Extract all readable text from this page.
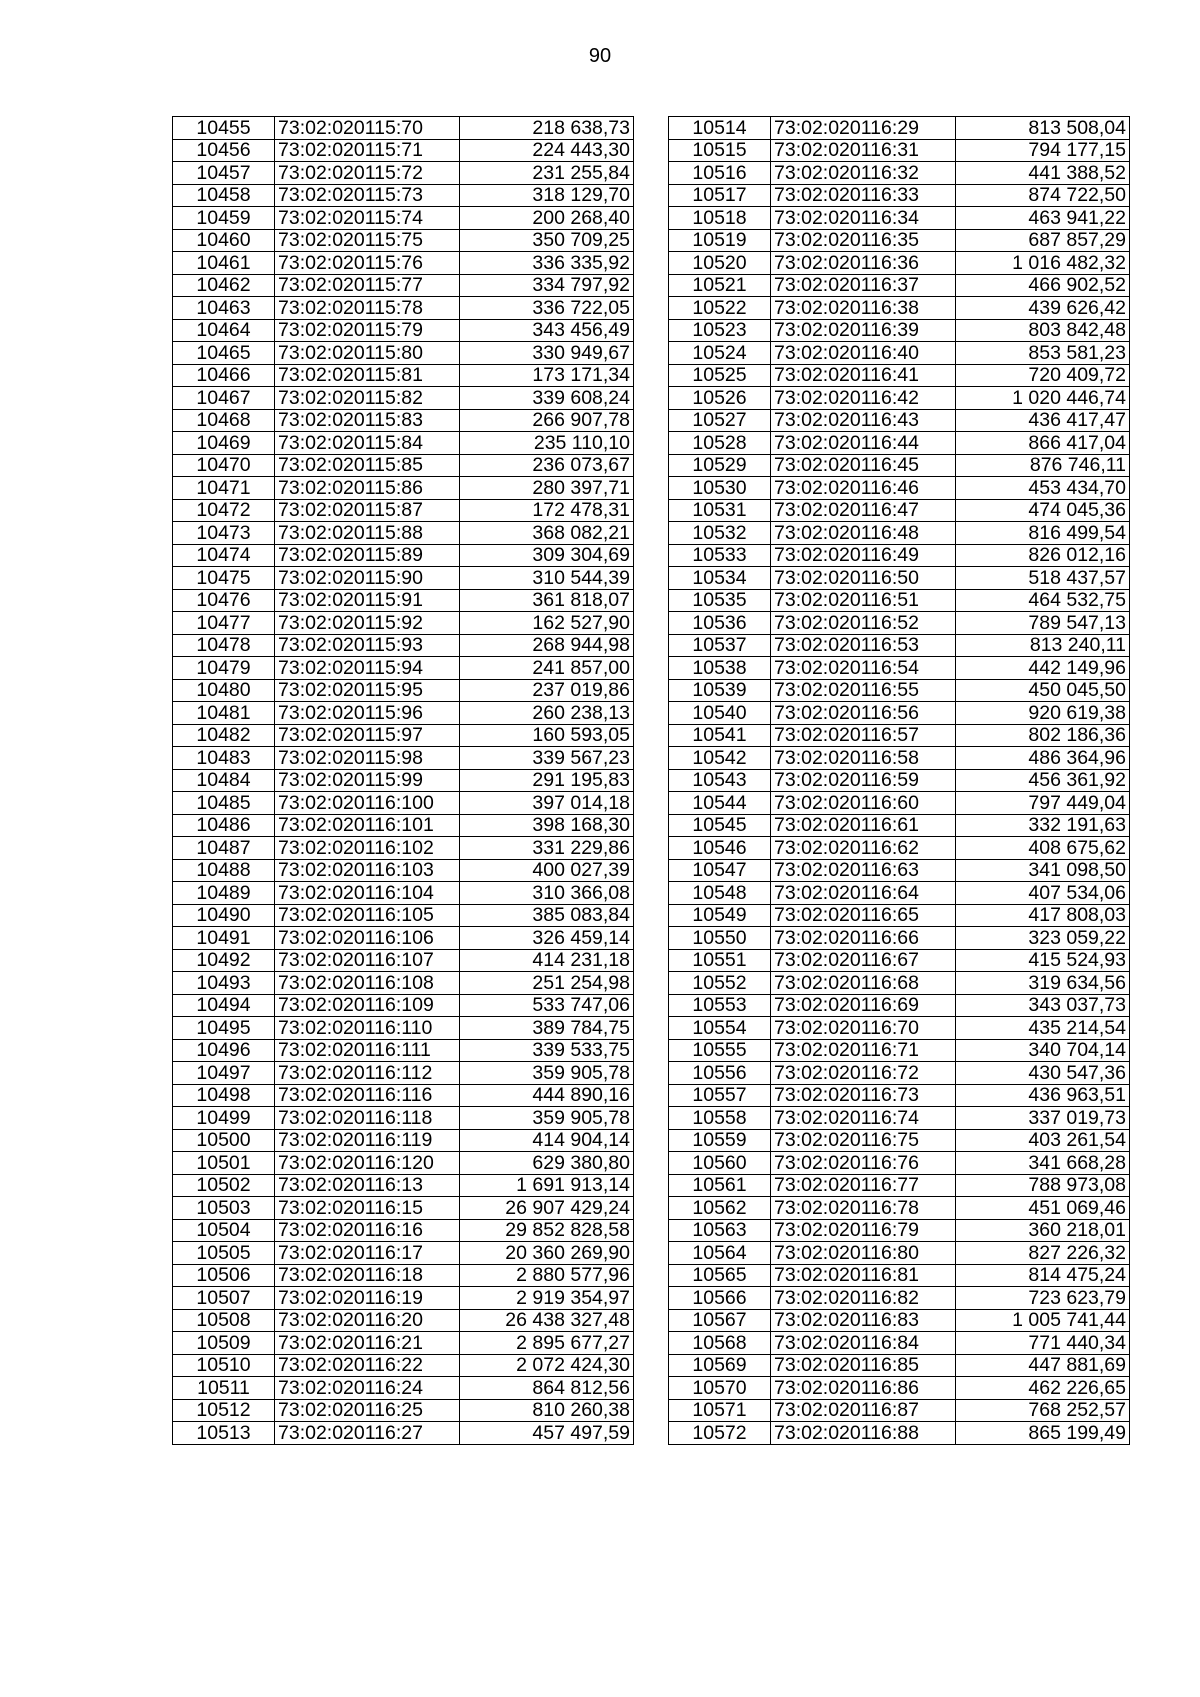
90
10455	73:02:020115:70	218 638,73
10456	73:02:020115:71	224 443,30
10457	73:02:020115:72	231 255,84
10458	73:02:020115:73	318 129,70
10459	73:02:020115:74	200 268,40
10460	73:02:020115:75	350 709,25
10461	73:02:020115:76	336 335,92
10462	73:02:020115:77	334 797,92
10463	73:02:020115:78	336 722,05
10464	73:02:020115:79	343 456,49
10465	73:02:020115:80	330 949,67
10466	73:02:020115:81	173 171,34
10467	73:02:020115:82	339 608,24
10468	73:02:020115:83	266 907,78
10469	73:02:020115:84	235 110,10
10470	73:02:020115:85	236 073,67
10471	73:02:020115:86	280 397,71
10472	73:02:020115:87	172 478,31
10473	73:02:020115:88	368 082,21
10474	73:02:020115:89	309 304,69
10475	73:02:020115:90	310 544,39
10476	73:02:020115:91	361 818,07
10477	73:02:020115:92	162 527,90
10478	73:02:020115:93	268 944,98
10479	73:02:020115:94	241 857,00
10480	73:02:020115:95	237 019,86
10481	73:02:020115:96	260 238,13
10482	73:02:020115:97	160 593,05
10483	73:02:020115:98	339 567,23
10484	73:02:020115:99	291 195,83
10485	73:02:020116:100	397 014,18
10486	73:02:020116:101	398 168,30
10487	73:02:020116:102	331 229,86
10488	73:02:020116:103	400 027,39
10489	73:02:020116:104	310 366,08
10490	73:02:020116:105	385 083,84
10491	73:02:020116:106	326 459,14
10492	73:02:020116:107	414 231,18
10493	73:02:020116:108	251 254,98
10494	73:02:020116:109	533 747,06
10495	73:02:020116:110	389 784,75
10496	73:02:020116:111	339 533,75
10497	73:02:020116:112	359 905,78
10498	73:02:020116:116	444 890,16
10499	73:02:020116:118	359 905,78
10500	73:02:020116:119	414 904,14
10501	73:02:020116:120	629 380,80
10502	73:02:020116:13	1 691 913,14
10503	73:02:020116:15	26 907 429,24
10504	73:02:020116:16	29 852 828,58
10505	73:02:020116:17	20 360 269,90
10506	73:02:020116:18	2 880 577,96
10507	73:02:020116:19	2 919 354,97
10508	73:02:020116:20	26 438 327,48
10509	73:02:020116:21	2 895 677,27
10510	73:02:020116:22	2 072 424,30
10511	73:02:020116:24	864 812,56
10512	73:02:020116:25	810 260,38
10513	73:02:020116:27	457 497,59
10514	73:02:020116:29	813 508,04
10515	73:02:020116:31	794 177,15
10516	73:02:020116:32	441 388,52
10517	73:02:020116:33	874 722,50
10518	73:02:020116:34	463 941,22
10519	73:02:020116:35	687 857,29
10520	73:02:020116:36	1 016 482,32
10521	73:02:020116:37	466 902,52
10522	73:02:020116:38	439 626,42
10523	73:02:020116:39	803 842,48
10524	73:02:020116:40	853 581,23
10525	73:02:020116:41	720 409,72
10526	73:02:020116:42	1 020 446,74
10527	73:02:020116:43	436 417,47
10528	73:02:020116:44	866 417,04
10529	73:02:020116:45	876 746,11
10530	73:02:020116:46	453 434,70
10531	73:02:020116:47	474 045,36
10532	73:02:020116:48	816 499,54
10533	73:02:020116:49	826 012,16
10534	73:02:020116:50	518 437,57
10535	73:02:020116:51	464 532,75
10536	73:02:020116:52	789 547,13
10537	73:02:020116:53	813 240,11
10538	73:02:020116:54	442 149,96
10539	73:02:020116:55	450 045,50
10540	73:02:020116:56	920 619,38
10541	73:02:020116:57	802 186,36
10542	73:02:020116:58	486 364,96
10543	73:02:020116:59	456 361,92
10544	73:02:020116:60	797 449,04
10545	73:02:020116:61	332 191,63
10546	73:02:020116:62	408 675,62
10547	73:02:020116:63	341 098,50
10548	73:02:020116:64	407 534,06
10549	73:02:020116:65	417 808,03
10550	73:02:020116:66	323 059,22
10551	73:02:020116:67	415 524,93
10552	73:02:020116:68	319 634,56
10553	73:02:020116:69	343 037,73
10554	73:02:020116:70	435 214,54
10555	73:02:020116:71	340 704,14
10556	73:02:020116:72	430 547,36
10557	73:02:020116:73	436 963,51
10558	73:02:020116:74	337 019,73
10559	73:02:020116:75	403 261,54
10560	73:02:020116:76	341 668,28
10561	73:02:020116:77	788 973,08
10562	73:02:020116:78	451 069,46
10563	73:02:020116:79	360 218,01
10564	73:02:020116:80	827 226,32
10565	73:02:020116:81	814 475,24
10566	73:02:020116:82	723 623,79
10567	73:02:020116:83	1 005 741,44
10568	73:02:020116:84	771 440,34
10569	73:02:020116:85	447 881,69
10570	73:02:020116:86	462 226,65
10571	73:02:020116:87	768 252,57
10572	73:02:020116:88	865 199,49
